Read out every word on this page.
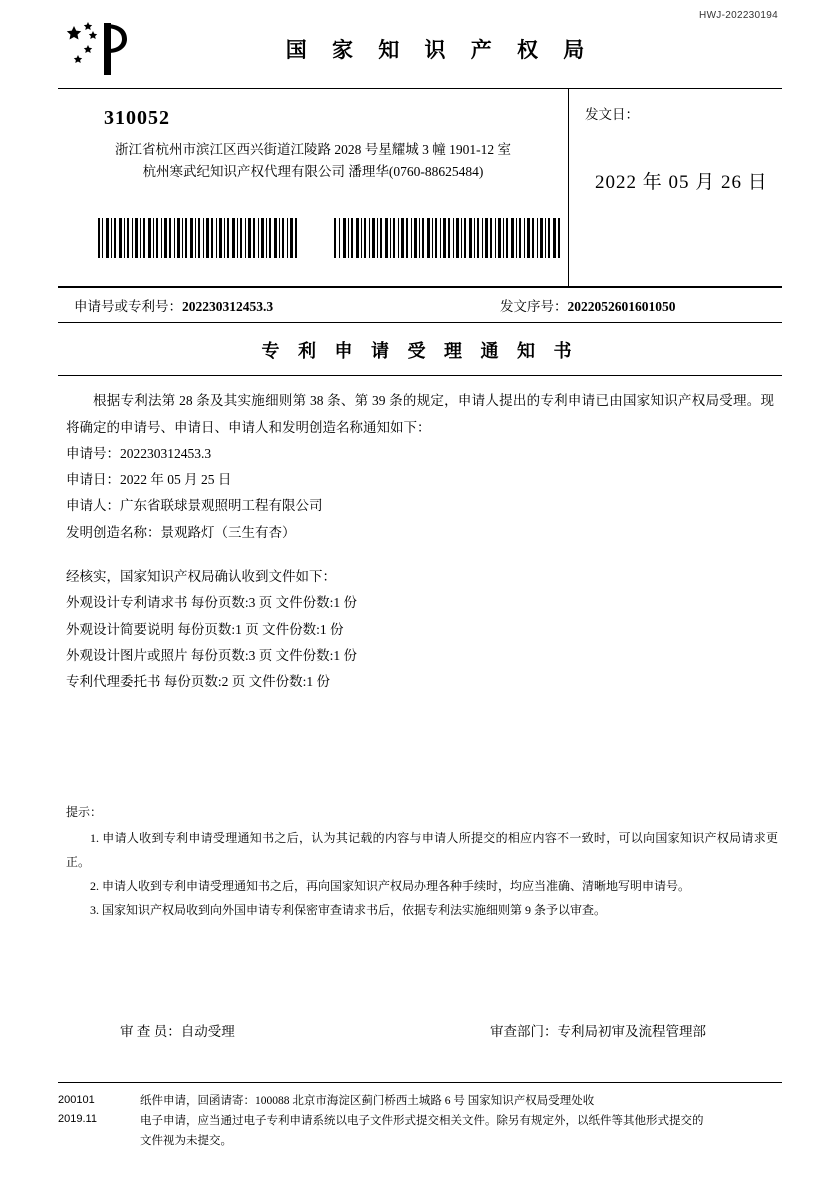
HWJ-202230194
国 家 知 识 产 权 局
310052
浙江省杭州市滨江区西兴街道江陵路 2028 号星耀城 3 幢 1901-12 室
杭州寒武纪知识产权代理有限公司 潘理华(0760-88625484)
发文日：
2022 年 05 月 26 日
申请号或专利号：202230312453.3	发文序号：2022052601601050
专 利 申 请 受 理 通 知 书
根据专利法第 28 条及其实施细则第 38 条、第 39 条的规定，申请人提出的专利申请已由国家知识产权局受理。现将确定的申请号、申请日、申请人和发明创造名称通知如下：
申请号：202230312453.3
申请日：2022 年 05 月 25 日
申请人：广东省联球景观照明工程有限公司
发明创造名称：景观路灯（三生有杏）
经核实，国家知识产权局确认收到文件如下：
外观设计专利请求书 每份页数:3 页 文件份数:1 份
外观设计简要说明 每份页数:1 页 文件份数:1 份
外观设计图片或照片 每份页数:3 页 文件份数:1 份
专利代理委托书 每份页数:2 页 文件份数:1 份
提示：
1. 申请人收到专利申请受理通知书之后，认为其记载的内容与申请人所提交的相应内容不一致时，可以向国家知识产权局请求更正。
2. 申请人收到专利申请受理通知书之后，再向国家知识产权局办理各种手续时，均应当准确、清晰地写明申请号。
3. 国家知识产权局收到向外国申请专利保密审查请求书后，依据专利法实施细则第 9 条予以审查。
审 查 员：自动受理	审查部门：专利局初审及流程管理部
200101
2019.11
纸件申请，回函请寄：100088 北京市海淀区蓟门桥西土城路 6 号 国家知识产权局受理处收
电子申请，应当通过电子专利申请系统以电子文件形式提交相关文件。除另有规定外，以纸件等其他形式提交的
文件视为未提交。
